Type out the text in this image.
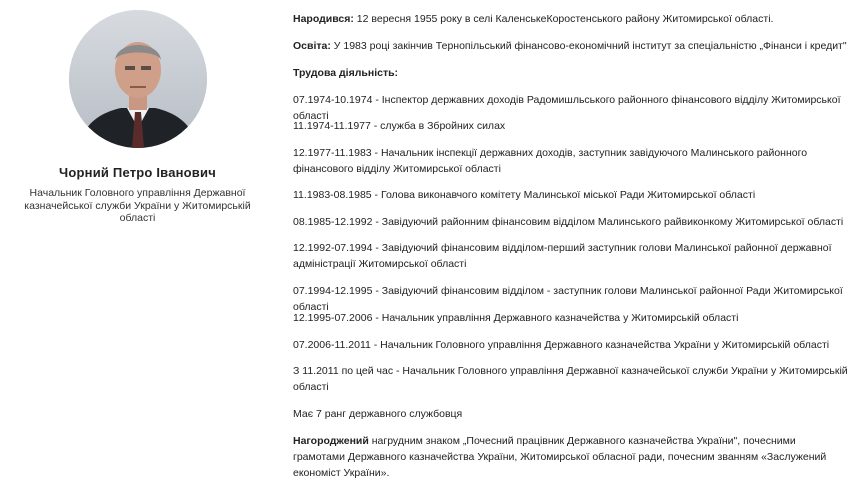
Чорний Петро Іванович
Начальник Головного управління Державної казначейської служби України у Житомирській області

Народився: 12 вересня 1955 року в селі КаленськеКоростенського району Житомирської області.

Освіта: У 1983 році закінчив Тернопільський фінансово-економічний інститут за спеціальністю „Фінанси і кредит"

Трудова діяльність:

07.1974-10.1974 - Інспектор державних доходів Радомишльського районного фінансового відділу Житомирської області

11.1974-11.1977 - служба в Збройних силах

12.1977-11.1983 - Начальник інспекції державних доходів, заступник завідуючого Малинського районного фінансового відділу Житомирської області

11.1983-08.1985 - Голова виконавчого комітету Малинської міської Ради Житомирської області

08.1985-12.1992 - Завідуючий районним фінансовим відділом Малинського райвиконкому Житомирської області

12.1992-07.1994 - Завідуючий фінансовим відділом-перший заступник голови Малинської районної державної адміністрації Житомирської області

07.1994-12.1995 - Завідуючий фінансовим відділом - заступник голови Малинської районної Ради Житомирської області

12.1995-07.2006 - Начальник управління Державного казначейства у Житомирській області

07.2006-11.2011 - Начальник Головного управління Державного казначейства України у Житомирській області

З 11.2011 по цей час - Начальник Головного управління Державної казначейської служби України у Житомирській області

Має 7 ранг державного службовця

Нагороджений нагрудним знаком „Почесний працівник Державного казначейства України", почесними грамотами Державного казначейства України, Житомирської обласної ради, почесним званням «Заслужений економіст України».
